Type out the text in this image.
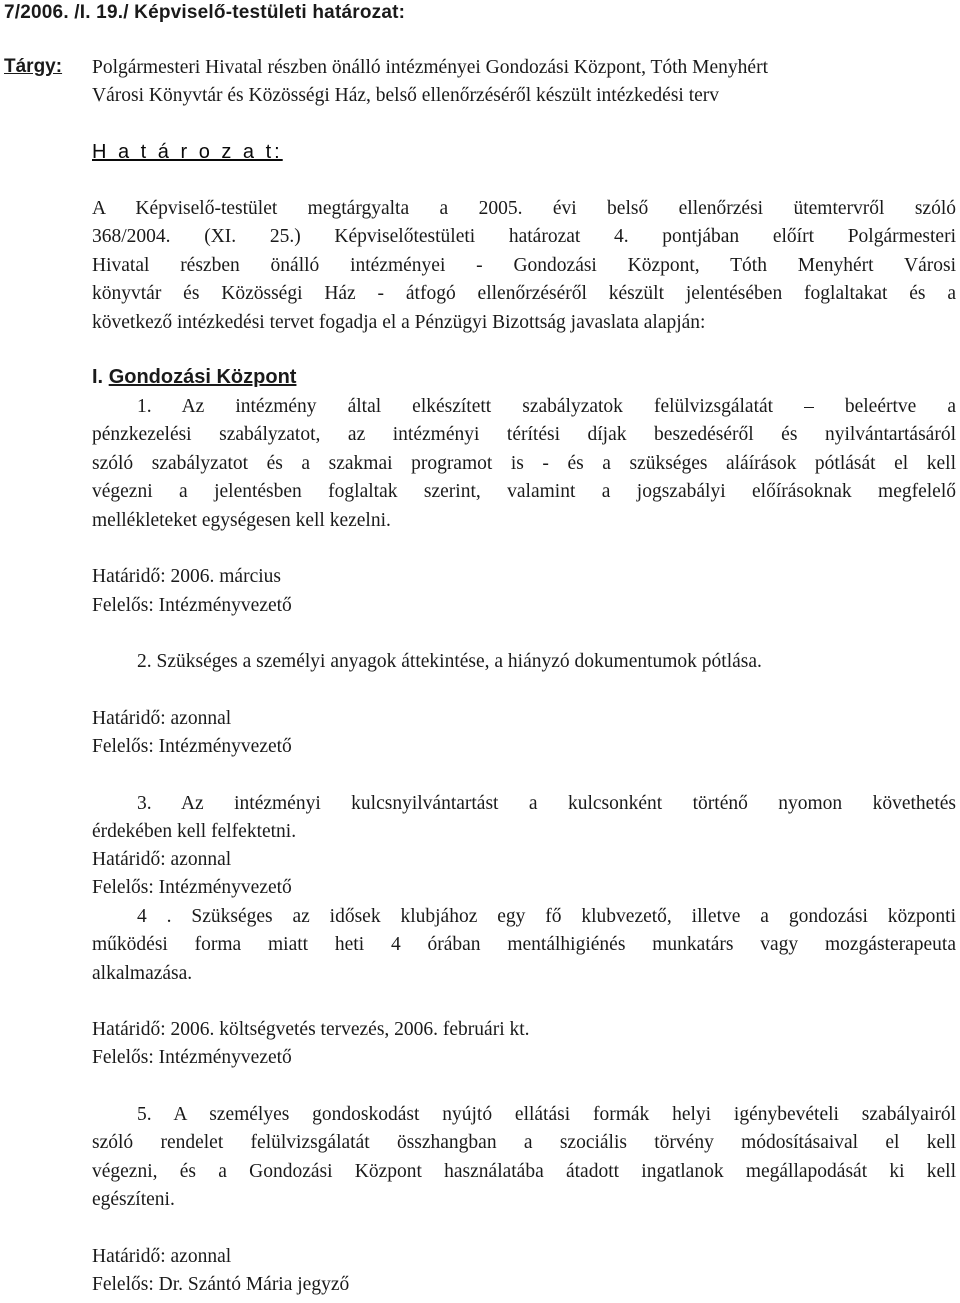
7/2006. /I. 19./ Képviselő-testületi határozat:
Tárgy: Polgármesteri Hivatal részben önálló intézményei Gondozási Központ, Tóth Menyhért
Városi Könyvtár és Közösségi Ház, belső ellenőrzéséről készült intézkedési terv
H a t á r o z a t:
A Képviselő-testület megtárgyalta a 2005. évi belső ellenőrzési ütemtervről szóló
368/2004. (XI. 25.) Képviselőtestületi határozat 4. pontjában előírt Polgármesteri
Hivatal részben önálló intézményei - Gondozási Központ, Tóth Menyhért Városi
könyvtár és Közösségi Ház - átfogó ellenőrzéséről készült jelentésében foglaltakat és a
következő intézkedési tervet fogadja el a Pénzügyi Bizottság javaslata alapján:
I. Gondozási Központ
1. Az intézmény által elkészített szabályzatok felülvizsgálatát – beleértve a
pénzkezelési szabályzatot, az intézményi térítési díjak beszedéséről és nyilvántartásáról
szóló szabályzatot és a szakmai programot is - és a szükséges aláírások pótlását el kell
végezni a jelentésben foglaltak szerint, valamint a jogszabályi előírásoknak megfelelő
mellékleteket egységesen kell kezelni.
Határidő: 2006. március
Felelős: Intézményvezető
2. Szükséges a személyi anyagok áttekintése, a hiányzó dokumentumok pótlása.
Határidő: azonnal
Felelős: Intézményvezető
3. Az intézményi kulcsnyilvántartást a kulcsonként történő nyomon követhetés
érdekében kell felfektetni.
Határidő: azonnal
Felelős: Intézményvezető
4 . Szükséges az idősek klubjához egy fő klubvezető, illetve a gondozási központi
működési forma miatt heti 4 órában mentálhigiénés munkatárs vagy mozgásterapeuta
alkalmazása.
Határidő: 2006. költségvetés tervezés, 2006. februári kt.
Felelős: Intézményvezető
5. A személyes gondoskodást nyújtó ellátási formák helyi igénybevételi szabályairól
szóló rendelet felülvizsgálatát összhangban a szociális törvény módosításaival el kell
végezni, és a Gondozási Központ használatába átadott ingatlanok megállapodását ki kell
egészíteni.
Határidő: azonnal
Felelős: Dr. Szántó Mária jegyző
